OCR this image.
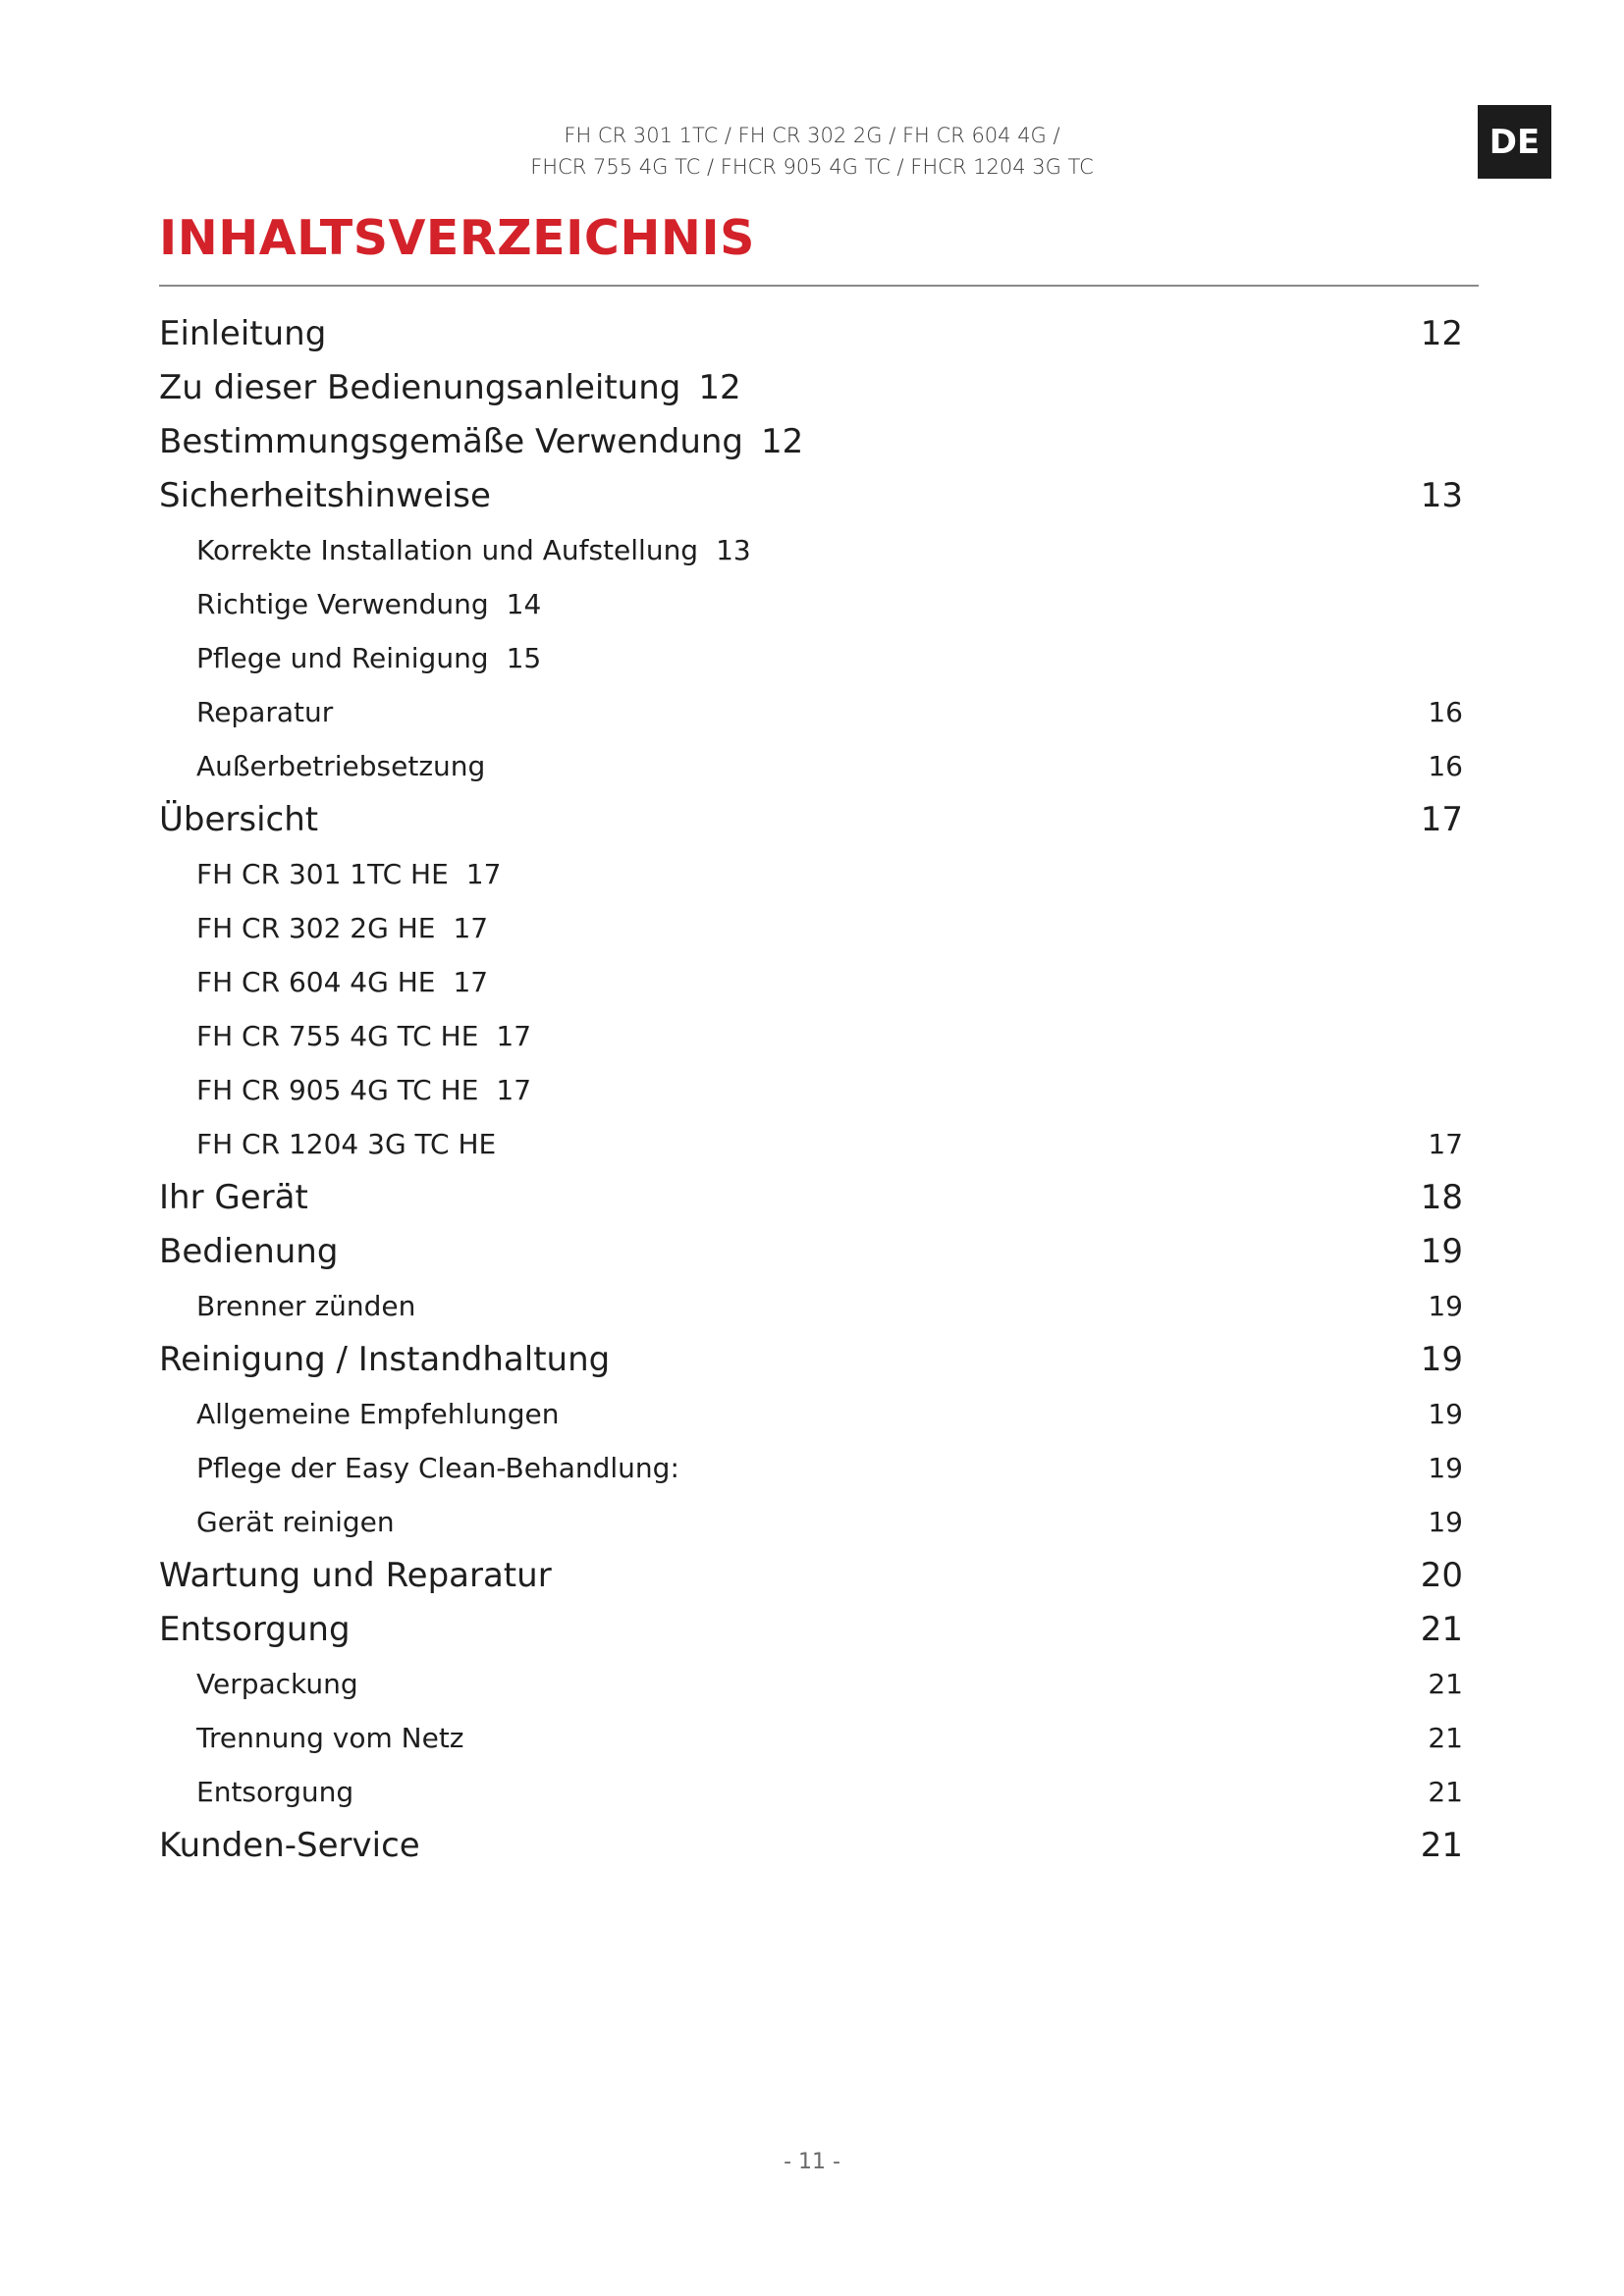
FH CR 301 1TC / FH CR 302 2G / FH CR 604 4G /
FHCR 755 4G TC / FHCR 905 4G TC / FHCR 1204 3G TC
DE
INHALTSVERZEICHNIS
Einleitung	12
Zu dieser Bedienungsanleitung 12
Bestimmungsgemäße Verwendung 12
Sicherheitshinweise	13
Korrekte Installation und Aufstellung 13
Richtige Verwendung 14
Pflege und Reinigung 15
Reparatur	16
Außerbetriebsetzung	16
Übersicht	17
FH CR 301 1TC HE 17
FH CR 302 2G HE 17
FH CR 604 4G HE 17
FH CR 755 4G TC HE 17
FH CR 905 4G TC HE 17
FH CR 1204 3G TC HE	17
Ihr Gerät	18
Bedienung	19
Brenner zünden	19
Reinigung / Instandhaltung	19
Allgemeine Empfehlungen	19
Pflege der Easy Clean-Behandlung:	19
Gerät reinigen	19
Wartung und Reparatur	20
Entsorgung	21
Verpackung	21
Trennung vom Netz	21
Entsorgung	21
Kunden-Service	21
- 11 -
